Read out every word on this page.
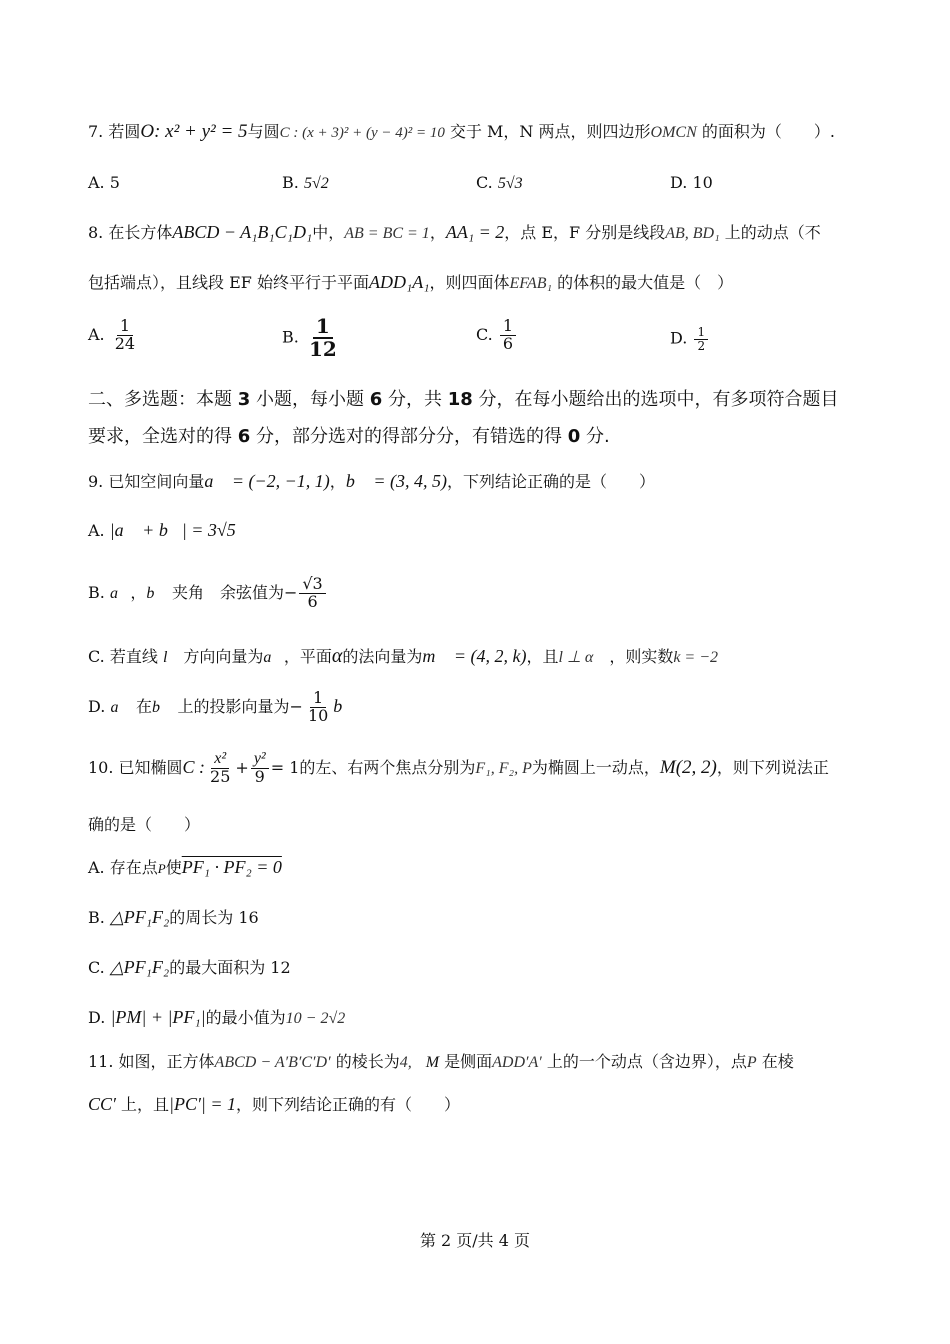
7. 若圆O: x² + y² = 5与圆C : (x + 3)² + (y − 4)² = 10 交于 M，N 两点，则四边形OMCN 的面积为（　　）.
A. 5	B. 5√2	C. 5√3	D. 10
8. 在长方体ABCD − A₁B₁C₁D₁中，AB = BC = 1，AA₁ = 2，点 E，F 分别是线段AB, BD₁ 上的动点（不
包括端点），且线段 EF 始终平行于平面ADD₁A₁，则四面体EFAB₁ 的体积的最大值是（　）
A. $\frac{1}{24}$	B. $\frac{1}{12}$	C. $\frac{1}{6}$	D. $\frac{1}{2}$
二、多选题：本题 3 小题，每小题 6 分，共 18 分，在每小题给出的选项中，有多项符合题目
要求，全选对的得 6 分，部分选对的得部分分，有错选的得 0 分.
9. 已知空间向量a⃗ = (−2, −1, 1)，b⃗ = (3, 4, 5)，下列结论正确的是（　　）
A. |a⃗ + b⃗| = 3√5
B. a⃗，b⃗ 夹角　余弦值为− $\frac{√3}{6}$
C. 若直线 l　方向向量为a⃗，平面α的法向量为m⃗ = (4, 2, k)，且l ⊥ α　，则实数k = −2
D. a⃗ 在b⃗ 上的投影向量为− $\frac{1}{10}$ b⃗
10. 已知椭圆C : $\frac{\text{x²}}{25} + \frac{\text{y²}}{9} = 1$的左、右两个焦点分别为F₁, F₂, P为椭圆上一动点，M(2, 2)，则下列说法正
确的是（　　）
A. 存在点P使PF₁ · PF₂ = 0
B. △PF₁F₂的周长为 16
C. △PF₁F₂的最大面积为 12
D. |PM| + |PF₁|的最小值为10 − 2√2
11. 如图，正方体ABCD − A′B′C′D′ 的棱长为4, M 是侧面ADD′A′ 上的一个动点（含边界），点P 在棱
CC′ 上，且|PC′| = 1，则下列结论正确的有（　　）
第 2 页/共 4 页
